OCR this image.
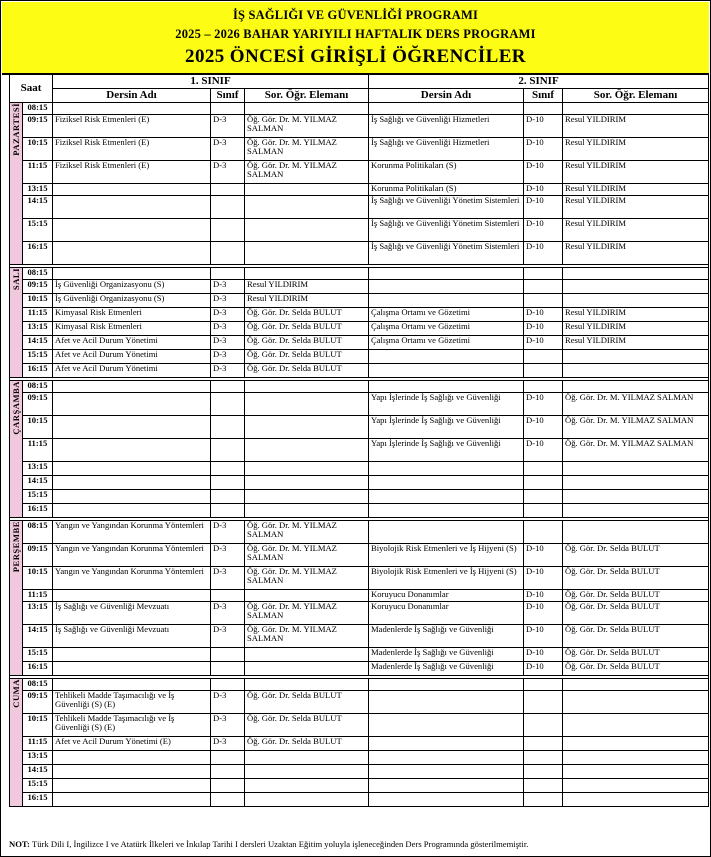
İŞ SAĞLIĞI VE GÜVENLİĞİ PROGRAMI
2025 – 2026 BAHAR YARIYILI HAFTALIK DERS PROGRAMI
2025 ÖNCESİ GİRİŞLİ ÖĞRENCİLER
Saat		1. SINIF			2. SINIF		
		Dersin Adı	Sınıf	Sor. Öğr. Elemanı	Dersin Adı	Sınıf	Sor. Öğr. Elemanı
PAZARTESİ	08:15						
	09:15	Fiziksel Risk Etmenleri (E)	D-3	Öğ. Gör. Dr. M. YILMAZ SALMAN	İş Sağlığı ve Güvenliği Hizmetleri	D-10	Resul YILDIRIM
	10:15	Fiziksel Risk Etmenleri (E)	D-3	Öğ. Gör. Dr. M. YILMAZ SALMAN	İş Sağlığı ve Güvenliği Hizmetleri	D-10	Resul YILDIRIM
	11:15	Fiziksel Risk Etmenleri (E)	D-3	Öğ. Gör. Dr. M. YILMAZ SALMAN	Korunma Politikaları (S)	D-10	Resul YILDIRIM
	13:15				Korunma Politikaları (S)	D-10	Resul YILDIRIM
	14:15				İş Sağlığı ve Güvenliği Yönetim Sistemleri	D-10	Resul YILDIRIM
	15:15				İş Sağlığı ve Güvenliği Yönetim Sistemleri	D-10	Resul YILDIRIM
	16:15				İş Sağlığı ve Güvenliği Yönetim Sistemleri	D-10	Resul YILDIRIM

SALI	08:15						
	09:15	İş Güvenliği Organizasyonu (S)	D-3	Resul YILDIRIM			
	10:15	İş Güvenliği Organizasyonu (S)	D-3	Resul YILDIRIM			
	11:15	Kimyasal Risk Etmenleri	D-3	Öğ. Gör. Dr. Selda BULUT	Çalışma Ortamı ve Gözetimi	D-10	Resul YILDIRIM
	13:15	Kimyasal Risk Etmenleri	D-3	Öğ. Gör. Dr. Selda BULUT	Çalışma Ortamı ve Gözetimi	D-10	Resul YILDIRIM
	14:15	Afet ve Acil Durum Yönetimi	D-3	Öğ. Gör. Dr. Selda BULUT	Çalışma Ortamı ve Gözetimi	D-10	Resul YILDIRIM
	15:15	Afet ve Acil Durum Yönetimi	D-3	Öğ. Gör. Dr. Selda BULUT			
	16:15	Afet ve Acil Durum Yönetimi	D-3	Öğ. Gör. Dr. Selda BULUT			

ÇARŞAMBA	08:15						
	09:15				Yapı İşlerinde İş Sağlığı ve Güvenliği	D-10	Öğ. Gör. Dr. M. YILMAZ SALMAN
	10:15				Yapı İşlerinde İş Sağlığı ve Güvenliği	D-10	Öğ. Gör. Dr. M. YILMAZ SALMAN
	11:15				Yapı İşlerinde İş Sağlığı ve Güvenliği	D-10	Öğ. Gör. Dr. M. YILMAZ SALMAN
	13:15						
	14:15						
	15:15						
	16:15						

PERŞEMBE	08:15	Yangın ve Yangından Korunma Yöntemleri	D-3	Öğ. Gör. Dr. M. YILMAZ SALMAN			
	09:15	Yangın ve Yangından Korunma Yöntemleri	D-3	Öğ. Gör. Dr. M. YILMAZ SALMAN	Biyolojik Risk Etmenleri ve İş Hijyeni (S)	D-10	Öğ. Gör. Dr. Selda BULUT
	10:15	Yangın ve Yangından Korunma Yöntemleri	D-3	Öğ. Gör. Dr. M. YILMAZ SALMAN	Biyolojik Risk Etmenleri ve İş Hijyeni (S)	D-10	Öğ. Gör. Dr. Selda BULUT
	11:15				Koruyucu Donanımlar	D-10	Öğ. Gör. Dr. Selda BULUT
	13:15	İş Sağlığı ve Güvenliği Mevzuatı	D-3	Öğ. Gör. Dr. M. YILMAZ SALMAN	Koruyucu Donanımlar	D-10	Öğ. Gör. Dr. Selda BULUT
	14:15	İş Sağlığı ve Güvenliği Mevzuatı	D-3	Öğ. Gör. Dr. M. YILMAZ SALMAN	Madenlerde İş Sağlığı ve Güvenliği	D-10	Öğ. Gör. Dr. Selda BULUT
	15:15				Madenlerde İş Sağlığı ve Güvenliği	D-10	Öğ. Gör. Dr. Selda BULUT
	16:15				Madenlerde İş Sağlığı ve Güvenliği	D-10	Öğ. Gör. Dr. Selda BULUT

CUMA	08:15						
	09:15	Tehlikeli Madde Taşımacılığı ve İş Güvenliği (S) (E)	D-3	Öğ. Gör. Dr. Selda BULUT			
	10:15	Tehlikeli Madde Taşımacılığı ve İş Güvenliği (S) (E)	D-3	Öğ. Gör. Dr. Selda BULUT			
	11:15	Afet ve Acil Durum Yönetimi (E)	D-3	Öğ. Gör. Dr. Selda BULUT			
	13:15						
	14:15						
	15:15						
	16:15						
NOT: Türk Dili I, İngilizce I ve Atatürk İlkeleri ve İnkılap Tarihi I dersleri Uzaktan Eğitim yoluyla işleneceğinden Ders Programında gösterilmemiştir.
